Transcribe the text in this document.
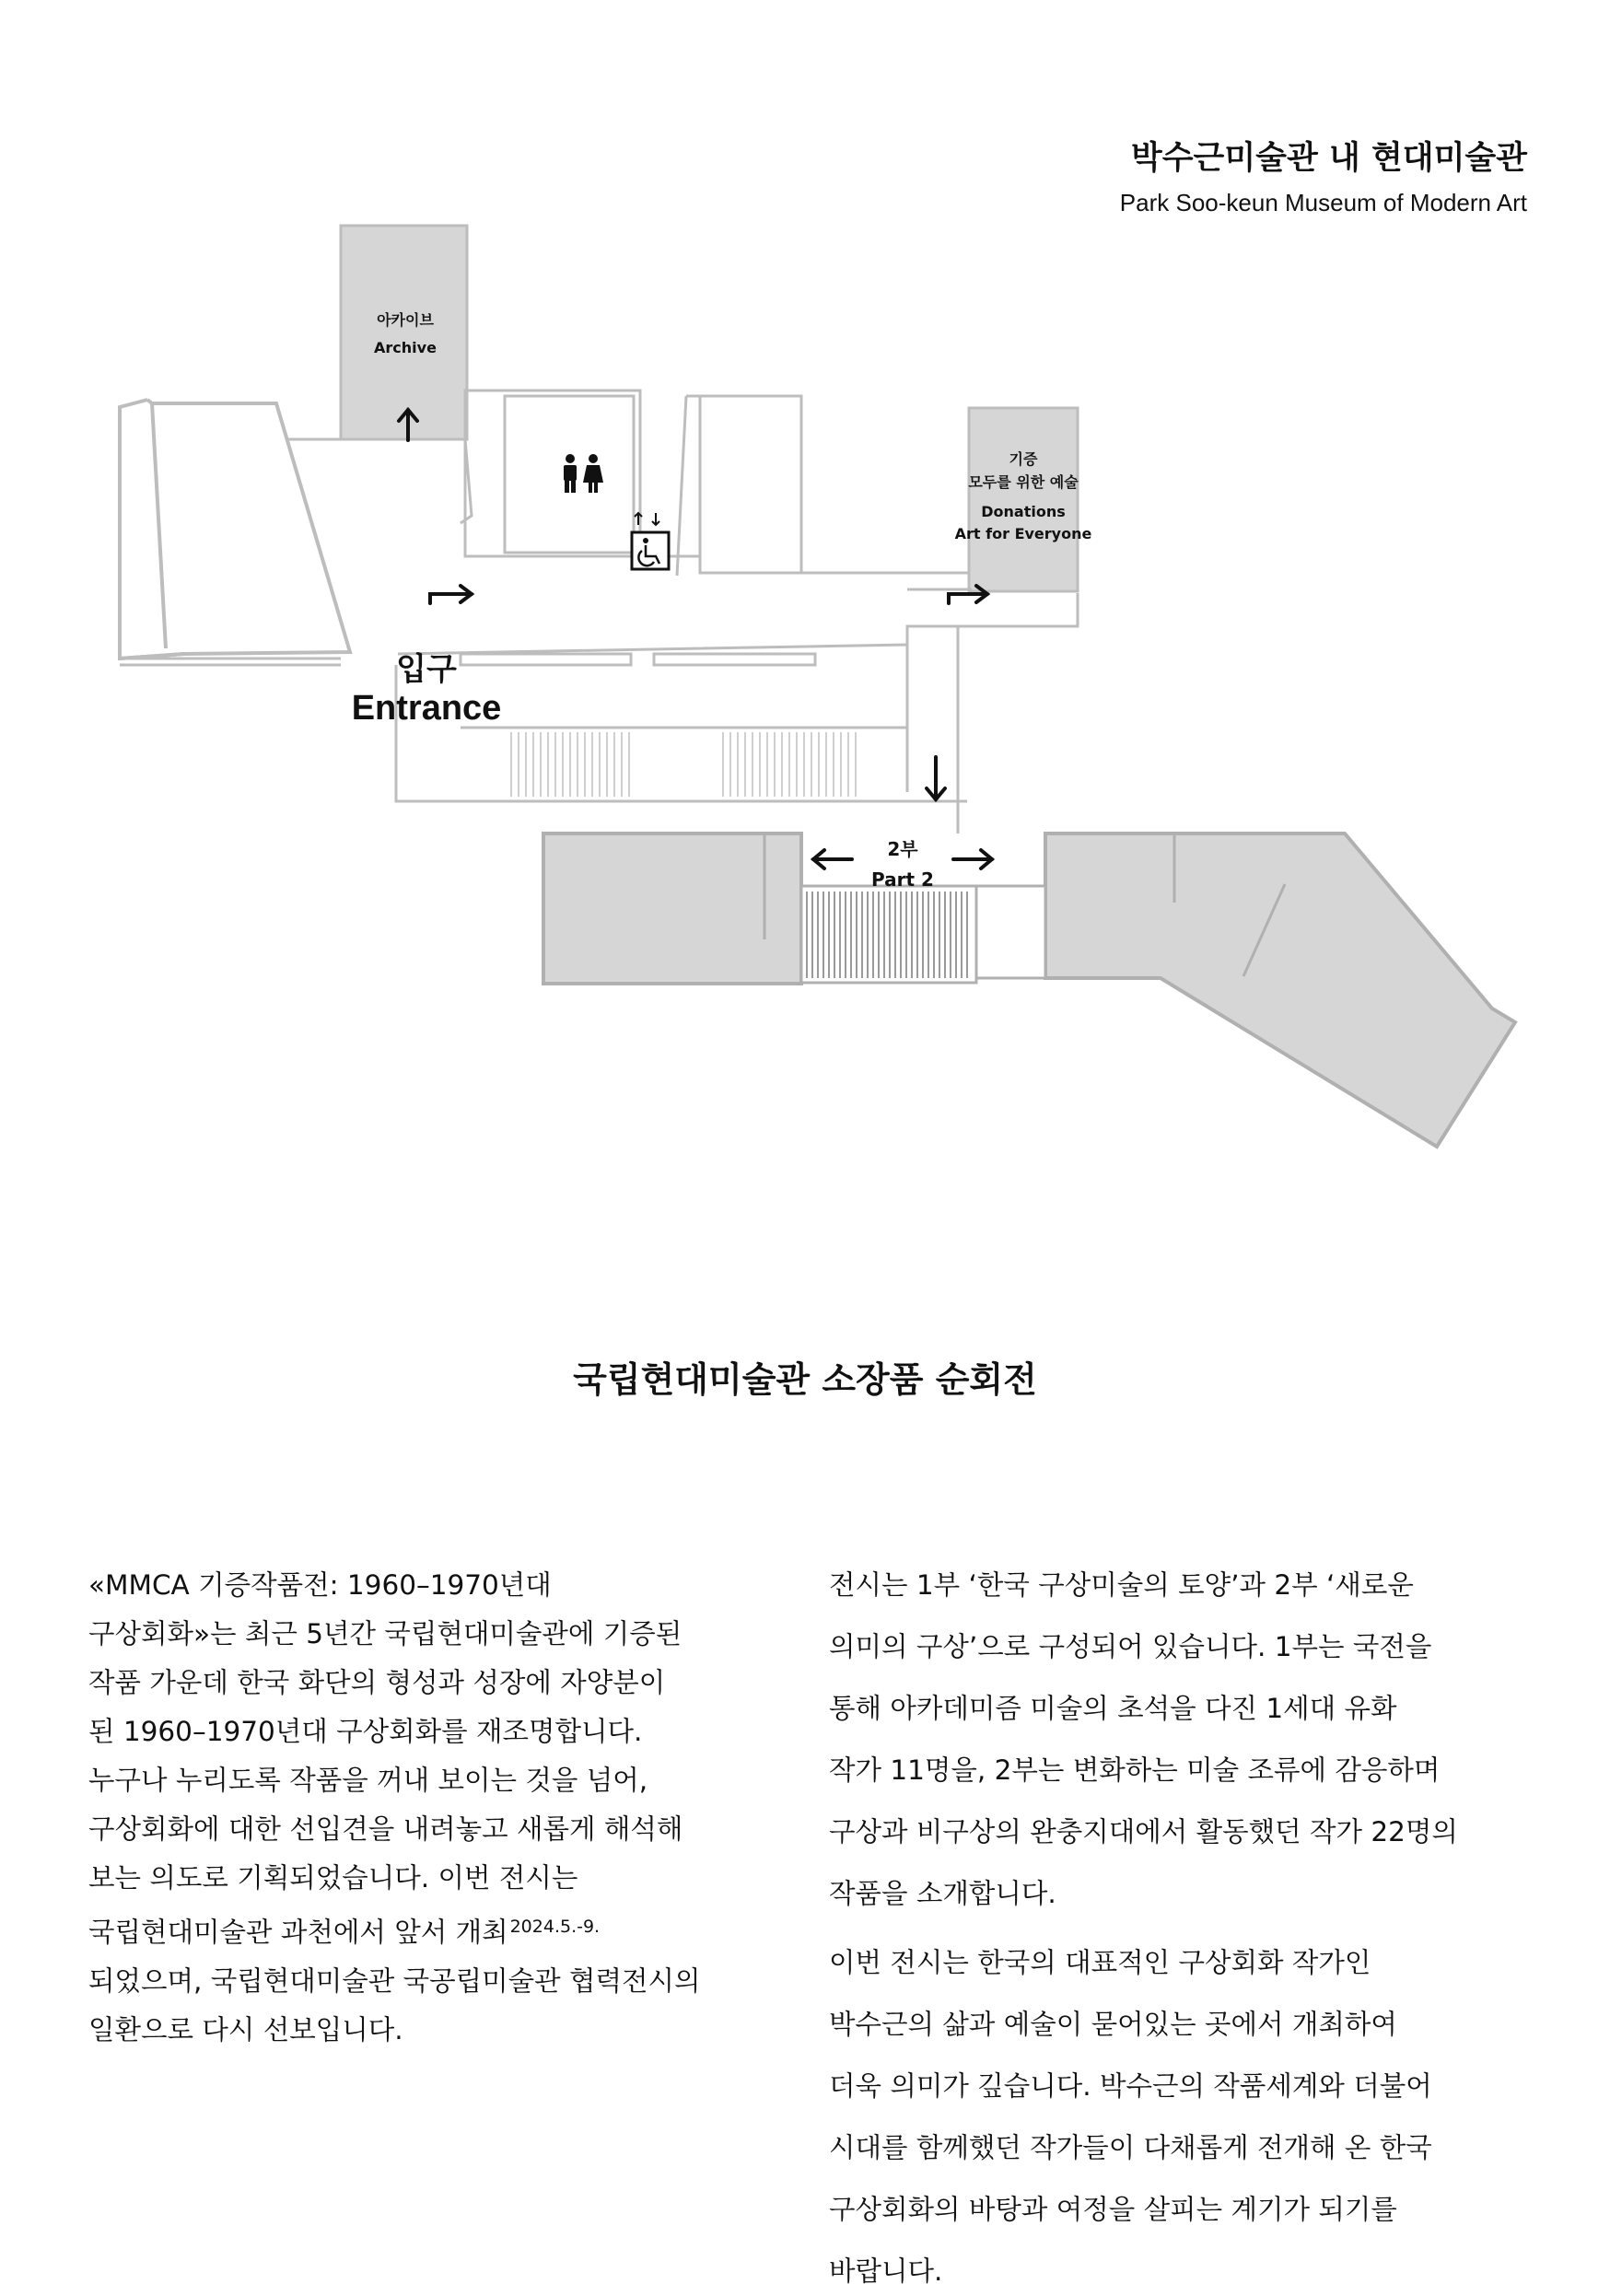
박수근미술관 내 현대미술관

Park Soo-keun Museum of Modern Art

아카이브
Archive
기증
모두를 위한 예술
Donations
Art for Everyone
입구
Entrance
2부
Part 2
국립현대미술관 소장품 순회전

«MMCA 기증작품전: 1960–1970년대

구상회화»는 최근 5년간 국립현대미술관에 기증된

작품 가운데 한국 화단의 형성과 성장에 자양분이

된 1960–1970년대 구상회화를 재조명합니다.

누구나 누리도록 작품을 꺼내 보이는 것을 넘어,

구상회화에 대한 선입견을 내려놓고 새롭게 해석해

보는 의도로 기획되었습니다. 이번 전시는

국립현대미술관 과천에서 앞서 개최 $^{2024.5.-9.}$

되었으며, 국립현대미술관 국공립미술관 협력전시의

일환으로 다시 선보입니다.

전시는 1부 ‘한국 구상미술의 토양’과 2부 ‘새로운

의미의 구상’으로 구성되어 있습니다. 1부는 국전을

통해 아카데미즘 미술의 초석을 다진 1세대 유화

작가 11명을, 2부는 변화하는 미술 조류에 감응하며

구상과 비구상의 완충지대에서 활동했던 작가 22명의

작품을 소개합니다.

이번 전시는 한국의 대표적인 구상회화 작가인

박수근의 삶과 예술이 묻어있는 곳에서 개최하여

더욱 의미가 깊습니다. 박수근의 작품세계와 더불어

시대를 함께했던 작가들이 다채롭게 전개해 온 한국

구상회화의 바탕과 여정을 살피는 계기가 되기를

바랍니다.
